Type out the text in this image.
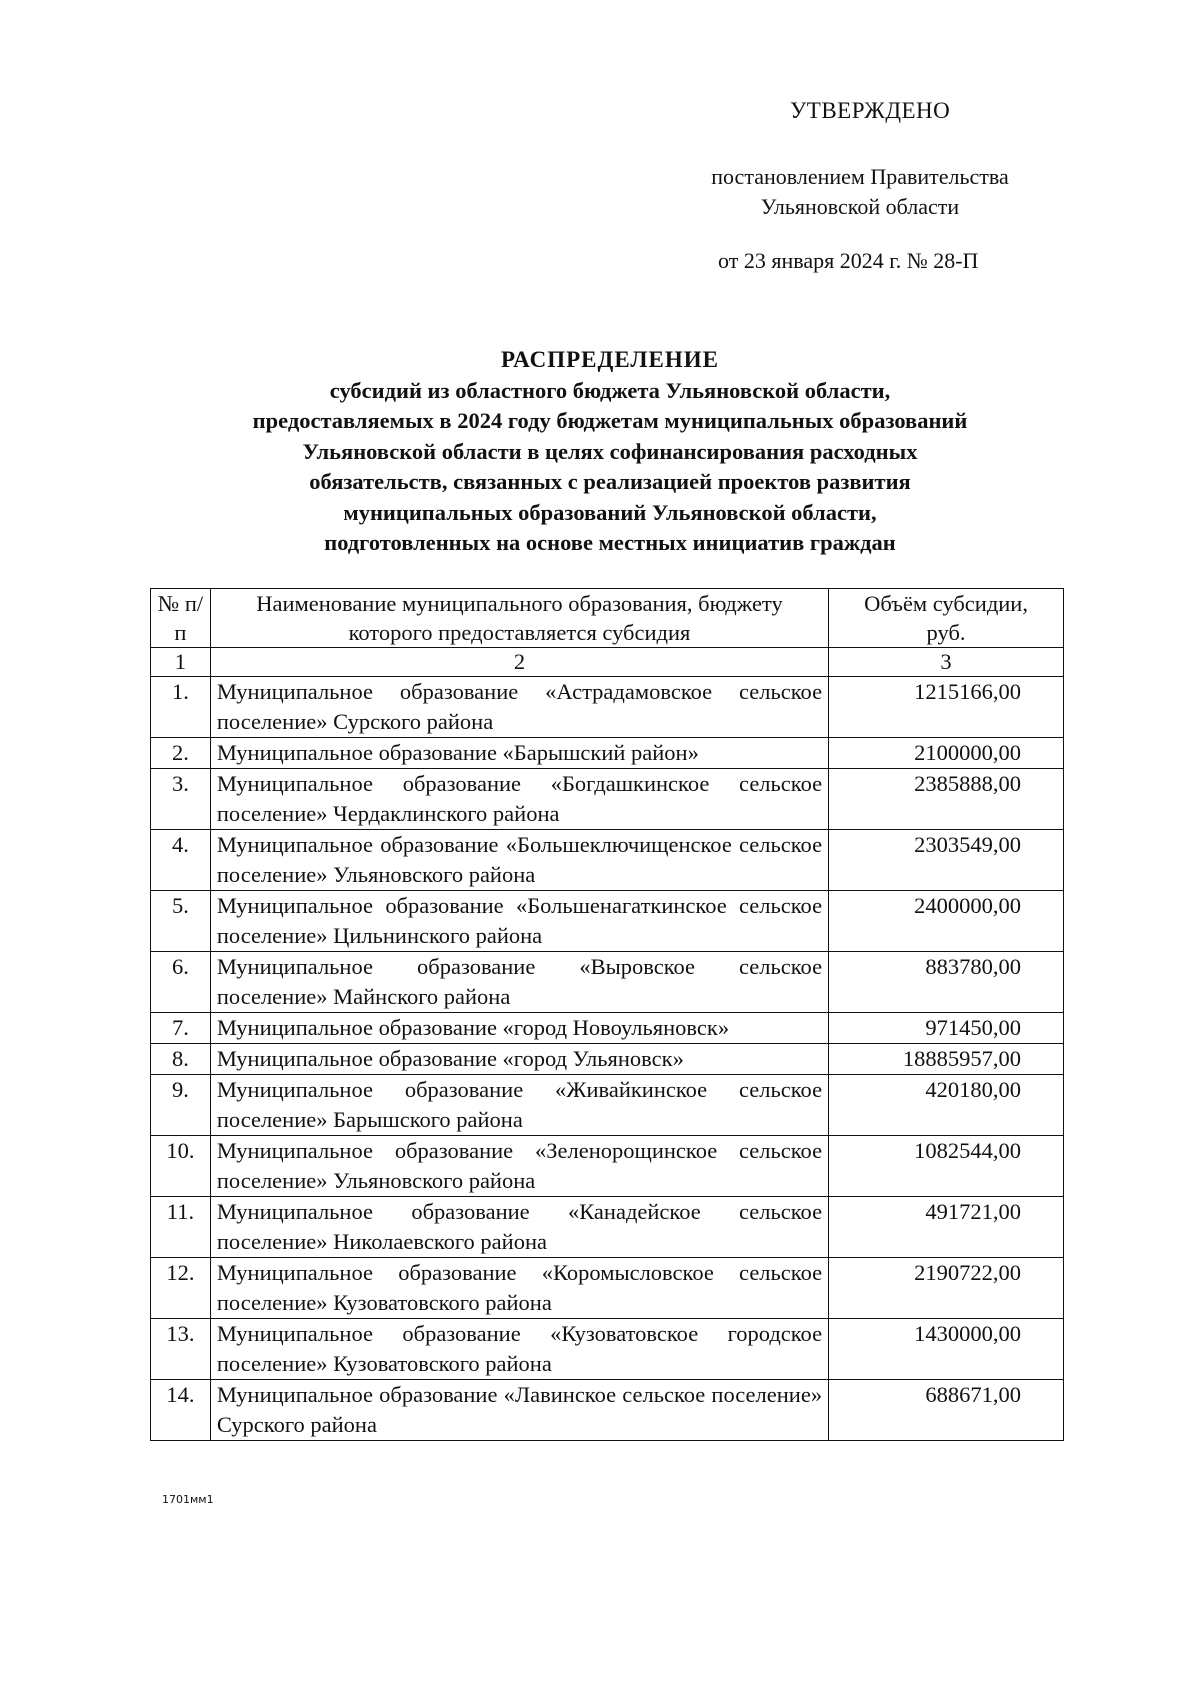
УТВЕРЖДЕНО
постановлением Правительства
Ульяновской области
от 23 января 2024 г. № 28-П
РАСПРЕДЕЛЕНИЕ
субсидий из областного бюджета Ульяновской области,
предоставляемых в 2024 году бюджетам муниципальных образований
Ульяновской области в целях софинансирования расходных
обязательств, связанных с реализацией проектов развития
муниципальных образований Ульяновской области,
подготовленных на основе местных инициатив граждан
№ п/п	Наименование муниципального образования, бюджету которого предоставляется субсидия	Объём субсидии, руб.
1	2	3
1.	Муниципальное образование «Астрадамовское сельское поселение» Сурского района	1215166,00
2.	Муниципальное образование «Барышский район»	2100000,00
3.	Муниципальное образование «Богдашкинское сельское поселение» Чердаклинского района	2385888,00
4.	Муниципальное образование «Большеключищенское сельское поселение» Ульяновского района	2303549,00
5.	Муниципальное образование «Большенагаткинское сельское поселение» Цильнинского района	2400000,00
6.	Муниципальное образование «Выровское сельское поселение» Майнского района	883780,00
7.	Муниципальное образование «город Новоульяновск»	971450,00
8.	Муниципальное образование «город Ульяновск»	18885957,00
9.	Муниципальное образование «Живайкинское сельское поселение» Барышского района	420180,00
10.	Муниципальное образование «Зеленорощинское сельское поселение» Ульяновского района	1082544,00
11.	Муниципальное образование «Канадейское сельское поселение» Николаевского района	491721,00
12.	Муниципальное образование «Коромысловское сельское поселение» Кузоватовского района	2190722,00
13.	Муниципальное образование «Кузоватовское городское поселение» Кузоватовского района	1430000,00
14.	Муниципальное образование «Лавинское сельское поселение» Сурского района	688671,00
1701мм1
